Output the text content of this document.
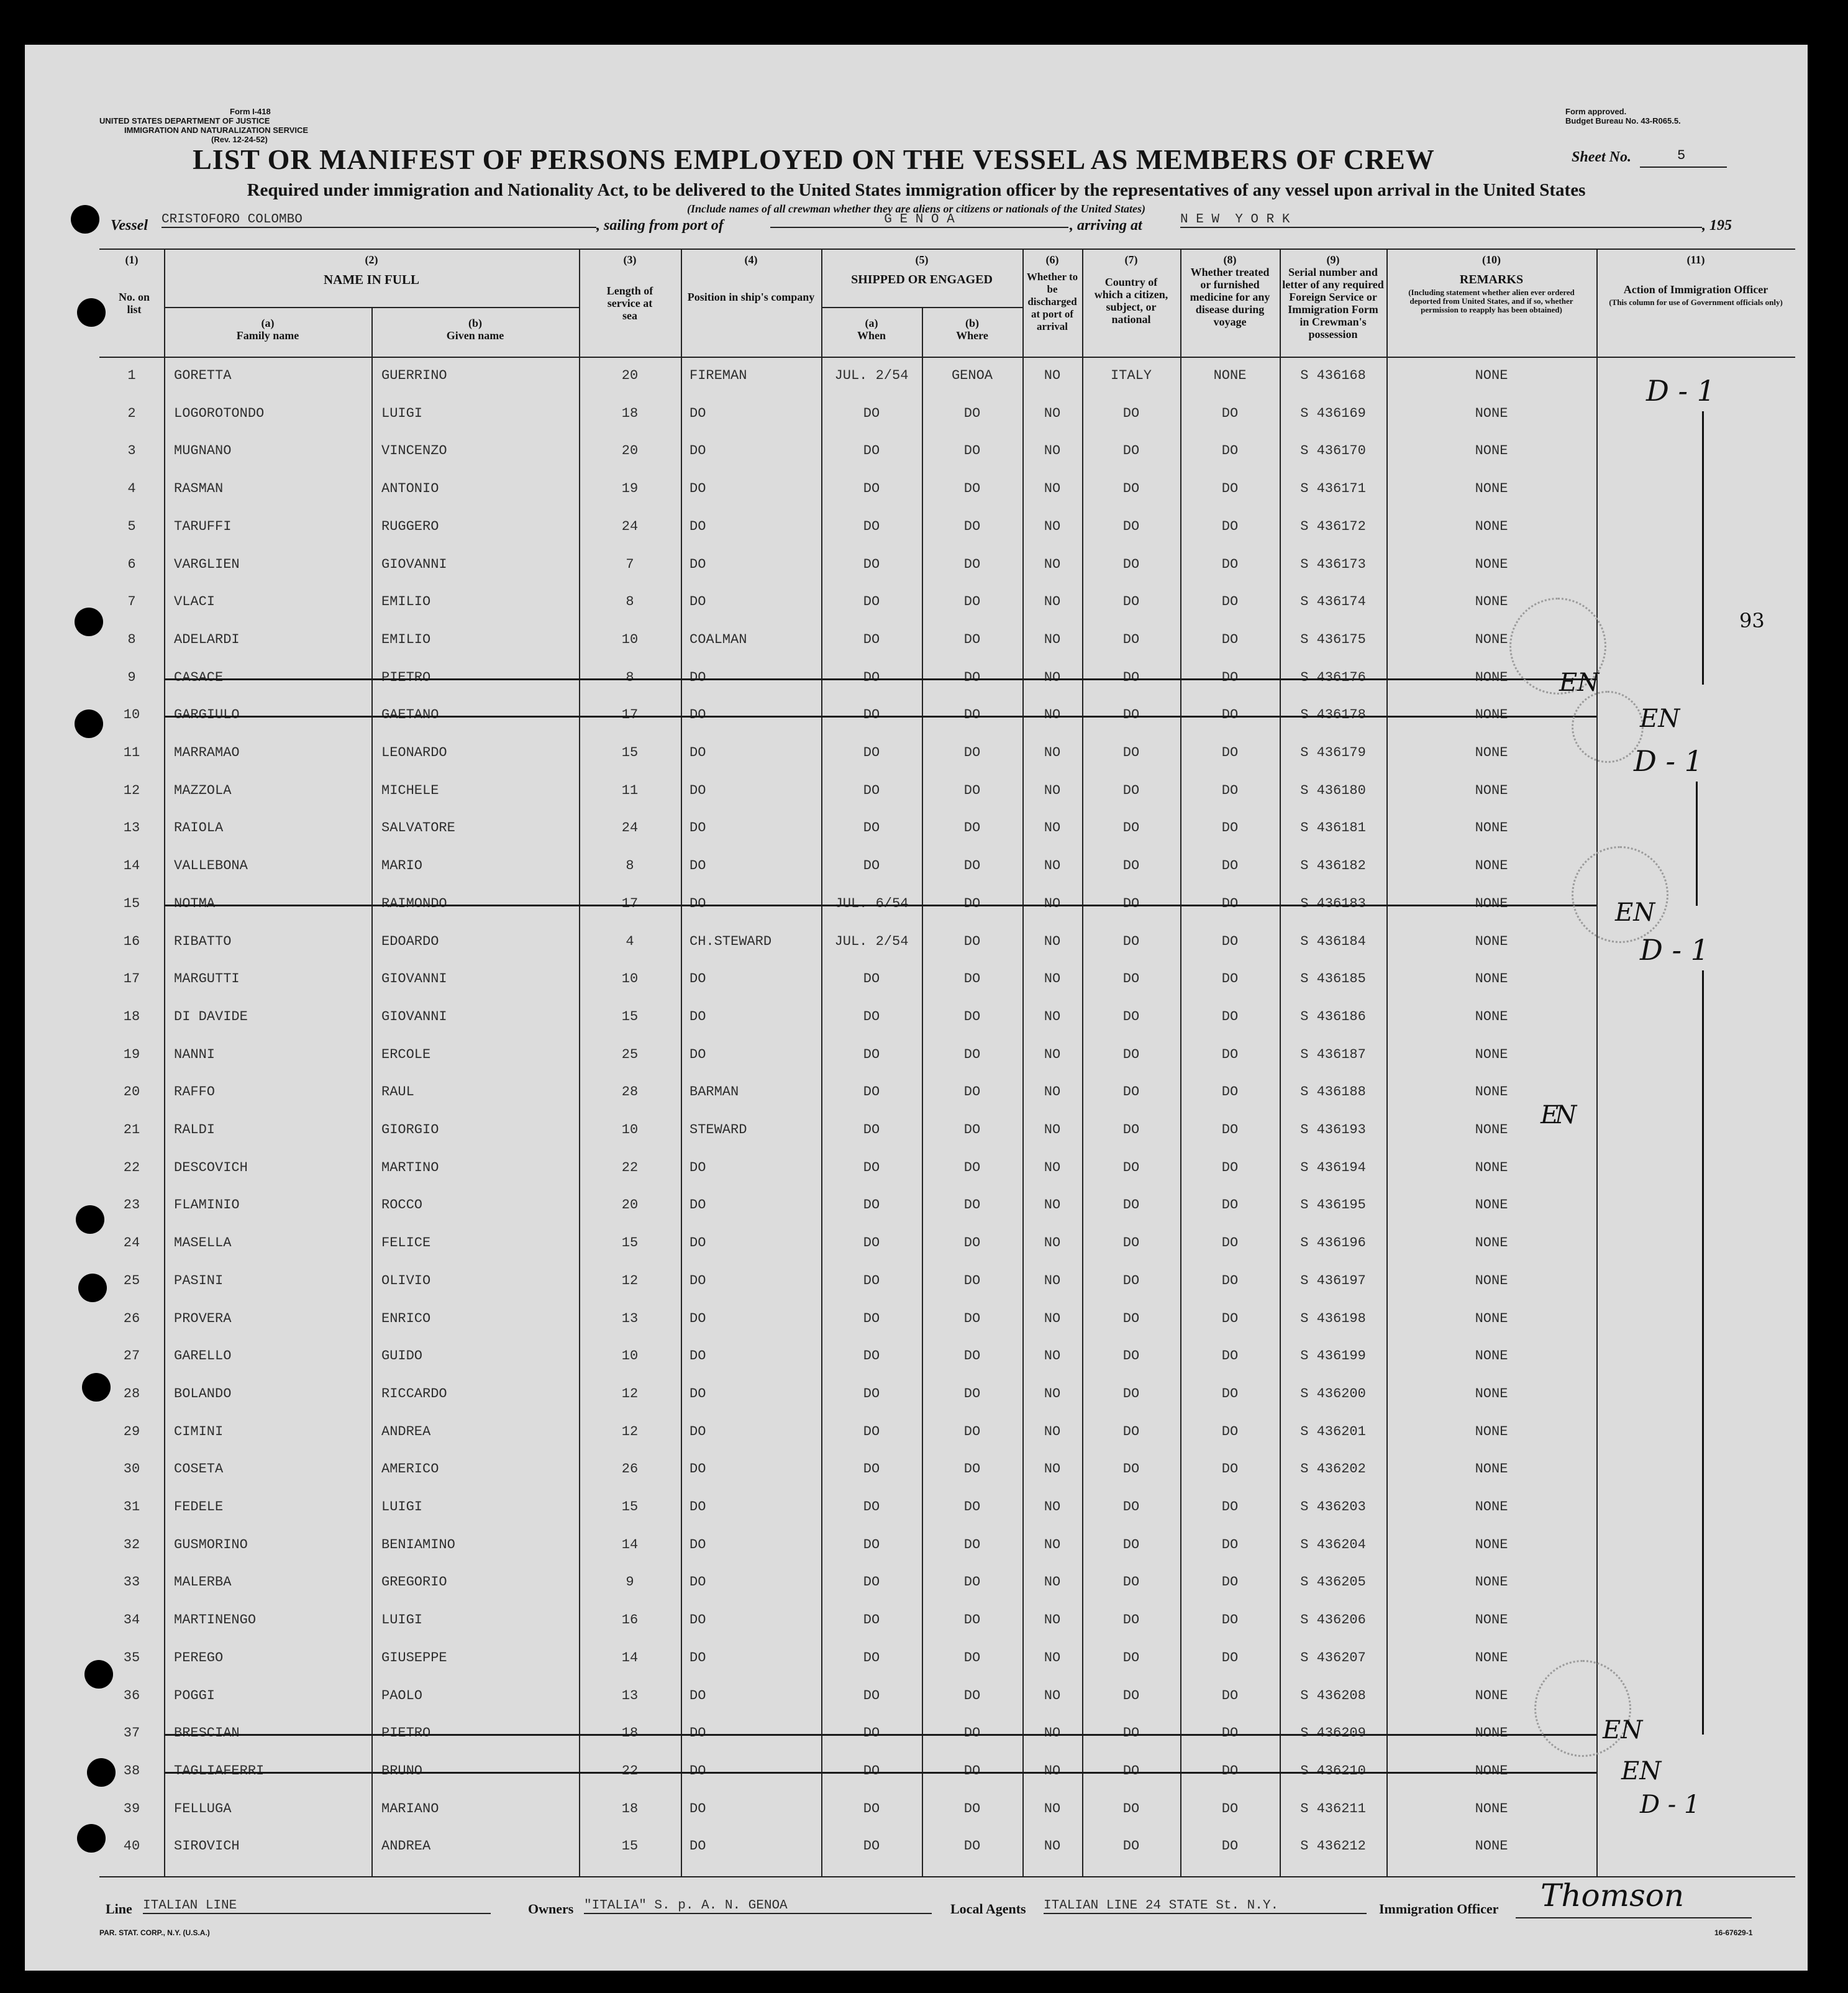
Form I-418
UNITED STATES DEPARTMENT OF JUSTICE
IMMIGRATION AND NATURALIZATION SERVICE
(Rev. 12-24-52)
Form approved.
Budget Bureau No. 43-R065.5.
LIST OR MANIFEST OF PERSONS EMPLOYED ON THE VESSEL AS MEMBERS OF CREW	Sheet No.	5
Required under immigration and Nationality Act, to be delivered to the United States immigration officer by the representatives of any vessel upon arrival in the United States
(Include names of all crewman whether they are aliens or citizens or nationals of the United States)
Vessel CRISTOFORO COLOMBO	, sailing from port of	G E N O A	, arriving at	N E W  Y O R K	, 195
(1)
No. on list
(2)
NAME IN FULL
(a)
Family name
(b)
Given name
(3)
Length of service at sea
(4)
Position in ship's company
(5)
SHIPPED OR ENGAGED
(a)
When
(b)
Where
(6)
Whether to be discharged at port of arrival
(7)
Country of which a citizen, subject, or national
(8)
Whether treated or furnished medicine for any disease during voyage
(9)
Serial number and letter of any required Foreign Service or Immigration Form in Crewman's possession
(10)
REMARKS
(Including statement whether alien ever ordered deported from United States, and if so, whether permission to reapply has been obtained)
(11)
Action of Immigration Officer
(This column for use of Government officials only)
1	GORETTA	GUERRINO	20	FIREMAN	JUL. 2/54	GENOA	NO	ITALY	NONE	S 436168	NONE
2	LOGOROTONDO	LUIGI	18	DO	DO	DO	NO	DO	DO	S 436169	NONE
3	MUGNANO	VINCENZO	20	DO	DO	DO	NO	DO	DO	S 436170	NONE
4	RASMAN	ANTONIO	19	DO	DO	DO	NO	DO	DO	S 436171	NONE
5	TARUFFI	RUGGERO	24	DO	DO	DO	NO	DO	DO	S 436172	NONE
6	VARGLIEN	GIOVANNI	7	DO	DO	DO	NO	DO	DO	S 436173	NONE
7	VLACI	EMILIO	8	DO	DO	DO	NO	DO	DO	S 436174	NONE
8	ADELARDI	EMILIO	10	COALMAN	DO	DO	NO	DO	DO	S 436175	NONE
9	CASACE	PIETRO	8	DO	DO	DO	NO	DO	DO	S 436176	NONE
10	GARGIULO	GAETANO	17	DO	DO	DO	NO	DO	DO	S 436178	NONE
11	MARRAMAO	LEONARDO	15	DO	DO	DO	NO	DO	DO	S 436179	NONE
12	MAZZOLA	MICHELE	11	DO	DO	DO	NO	DO	DO	S 436180	NONE
13	RAIOLA	SALVATORE	24	DO	DO	DO	NO	DO	DO	S 436181	NONE
14	VALLEBONA	MARIO	8	DO	DO	DO	NO	DO	DO	S 436182	NONE
15	NOTMA	RAIMONDO	17	DO	JUL. 6/54	DO	NO	DO	DO	S 436183	NONE
16	RIBATTO	EDOARDO	4	CH.STEWARD	JUL. 2/54	DO	NO	DO	DO	S 436184	NONE
17	MARGUTTI	GIOVANNI	10	DO	DO	DO	NO	DO	DO	S 436185	NONE
18	DI DAVIDE	GIOVANNI	15	DO	DO	DO	NO	DO	DO	S 436186	NONE
19	NANNI	ERCOLE	25	DO	DO	DO	NO	DO	DO	S 436187	NONE
20	RAFFO	RAUL	28	BARMAN	DO	DO	NO	DO	DO	S 436188	NONE
21	RALDI	GIORGIO	10	STEWARD	DO	DO	NO	DO	DO	S 436193	NONE
22	DESCOVICH	MARTINO	22	DO	DO	DO	NO	DO	DO	S 436194	NONE
23	FLAMINIO	ROCCO	20	DO	DO	DO	NO	DO	DO	S 436195	NONE
24	MASELLA	FELICE	15	DO	DO	DO	NO	DO	DO	S 436196	NONE
25	PASINI	OLIVIO	12	DO	DO	DO	NO	DO	DO	S 436197	NONE
26	PROVERA	ENRICO	13	DO	DO	DO	NO	DO	DO	S 436198	NONE
27	GARELLO	GUIDO	10	DO	DO	DO	NO	DO	DO	S 436199	NONE
28	BOLANDO	RICCARDO	12	DO	DO	DO	NO	DO	DO	S 436200	NONE
29	CIMINI	ANDREA	12	DO	DO	DO	NO	DO	DO	S 436201	NONE
30	COSETA	AMERICO	26	DO	DO	DO	NO	DO	DO	S 436202	NONE
31	FEDELE	LUIGI	15	DO	DO	DO	NO	DO	DO	S 436203	NONE
32	GUSMORINO	BENIAMINO	14	DO	DO	DO	NO	DO	DO	S 436204	NONE
33	MALERBA	GREGORIO	9	DO	DO	DO	NO	DO	DO	S 436205	NONE
34	MARTINENGO	LUIGI	16	DO	DO	DO	NO	DO	DO	S 436206	NONE
35	PEREGO	GIUSEPPE	14	DO	DO	DO	NO	DO	DO	S 436207	NONE
36	POGGI	PAOLO	13	DO	DO	DO	NO	DO	DO	S 436208	NONE
37	BRESCIAN	PIETRO	18	DO	DO	DO	NO	DO	DO	S 436209	NONE
38	TAGLIAFERRI	BRUNO	22	DO	DO	DO	NO	DO	DO	S 436210	NONE
39	FELLUGA	MARIANO	18	DO	DO	DO	NO	DO	DO	S 436211	NONE
40	SIROVICH	ANDREA	15	DO	DO	DO	NO	DO	DO	S 436212	NONE
D - 1
93
EN
EN
D - 1
EN
D - 1
EN
EN
D - 1
EN
Line ITALIAN LINE	Owners "ITALIA" S. p. A. N. GENOA	Local Agents ITALIAN LINE 24 STATE St. N.Y.	Immigration Officer Thomson
PAR. STAT. CORP., N.Y. (U.S.A.)	16-67629-1
